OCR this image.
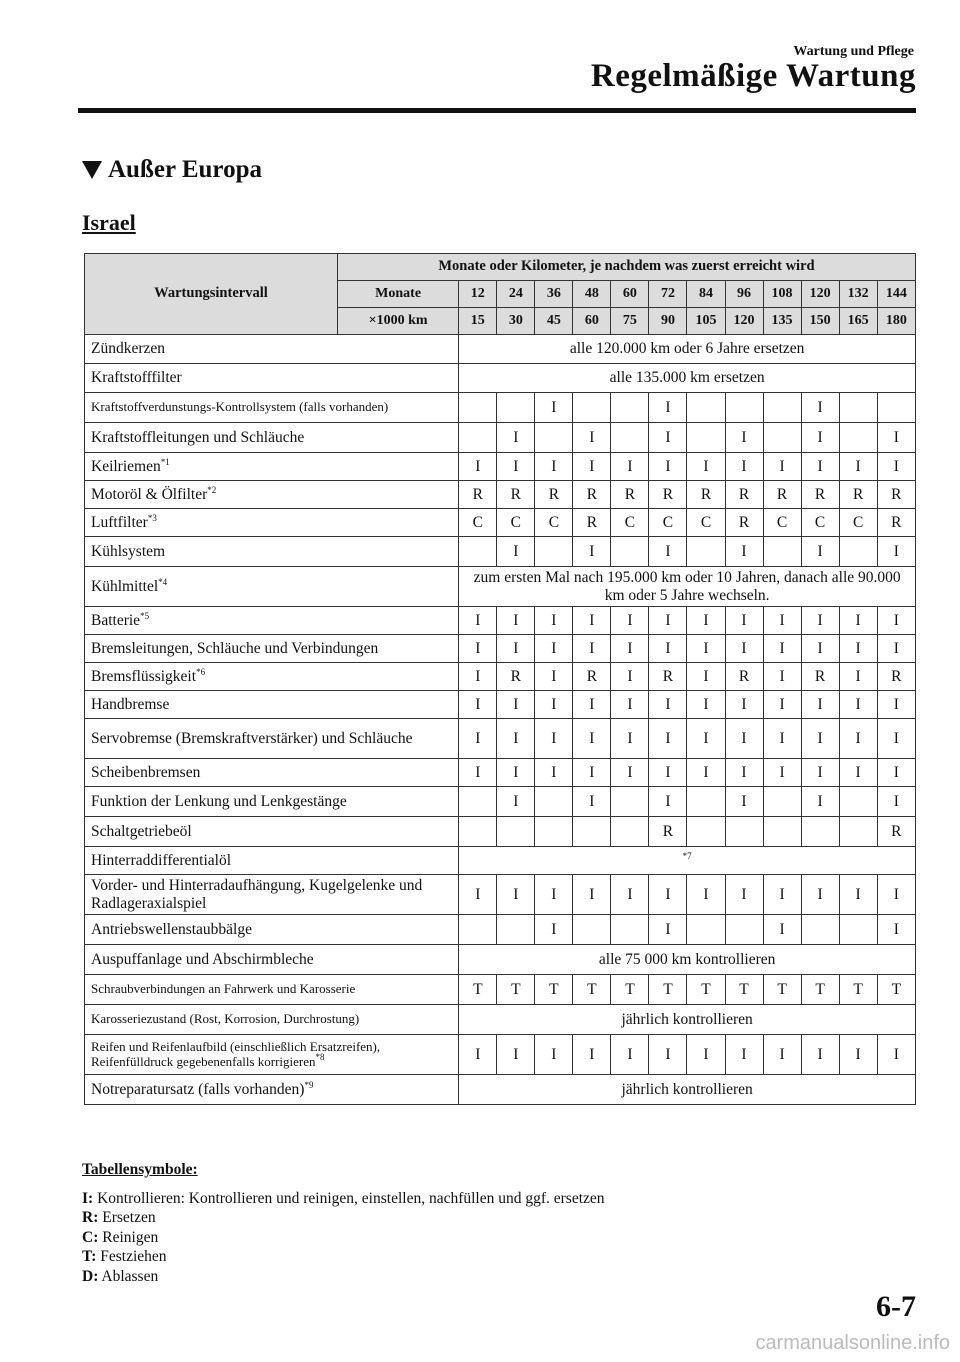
Wartung und Pflege
Regelmäßige Wartung
Außer Europa
Israel
Wartungsintervall	Monate oder Kilometer, je nachdem was zuerst erreicht wird												
	Monate	12	24	36	48	60	72	84	96	108	120	132	144
	×1000 km	15	30	45	60	75	90	105	120	135	150	165	180
Zündkerzen		alle 120.000 km oder 6 Jahre ersetzen											
Kraftstofffilter		alle 135.000 km ersetzen											
Kraftstoffverdunstungs-Kontrollsystem (falls vorhanden)				I			I				I		
Kraftstoffleitungen und Schläuche			I		I		I		I		I		I
Keilriemen$^{*1}$		I	I	I	I	I	I	I	I	I	I	I	I
Motoröl & Ölfilter$^{*2}$		R	R	R	R	R	R	R	R	R	R	R	R
Luftfilter$^{*3}$		C	C	C	R	C	C	C	R	C	C	C	R
Kühlsystem			I		I		I		I		I		I
Kühlmittel$^{*4}$		zum ersten Mal nach 195.000 km oder 10 Jahren, danach alle 90.000 km oder 5 Jahre wechseln.											
Batterie$^{*5}$		I	I	I	I	I	I	I	I	I	I	I	I
Bremsleitungen, Schläuche und Verbindungen		I	I	I	I	I	I	I	I	I	I	I	I
Bremsflüssigkeit$^{*6}$		I	R	I	R	I	R	I	R	I	R	I	R
Handbremse		I	I	I	I	I	I	I	I	I	I	I	I
Servobremse (Bremskraftverstärker) und Schläuche		I	I	I	I	I	I	I	I	I	I	I	I
Scheibenbremsen		I	I	I	I	I	I	I	I	I	I	I	I
Funktion der Lenkung und Lenkgestänge			I		I		I		I		I		I
Schaltgetriebeöl							R						R
Hinterraddifferentialöl		$^{*7}$
Vorder- und Hinterradaufhängung, Kugelgelenke und Radlageraxialspiel		I	I	I	I	I	I	I	I	I	I	I	I
Antriebswellenstaubbälge				I			I			I			I
Auspuffanlage und Abschirmbleche		alle 75 000 km kontrollieren											
Schraubverbindungen an Fahrwerk und Karosserie		T	T	T	T	T	T	T	T	T	T	T	T
Karosseriezustand (Rost, Korrosion, Durchrostung)		jährlich kontrollieren											
Reifen und Reifenlaufbild (einschließlich Ersatzreifen), Reifenfülldruck gegebenenfalls korrigieren$^{*8}$		I	I	I	I	I	I	I	I	I	I	I	I
Notreparatursatz (falls vorhanden)$^{*9}$		jährlich kontrollieren											
Tabellensymbole:
I: Kontrollieren: Kontrollieren und reinigen, einstellen, nachfüllen und ggf. ersetzen
R: Ersetzen
C: Reinigen
T: Festziehen
D: Ablassen
6-7
carmanualsonline.info
